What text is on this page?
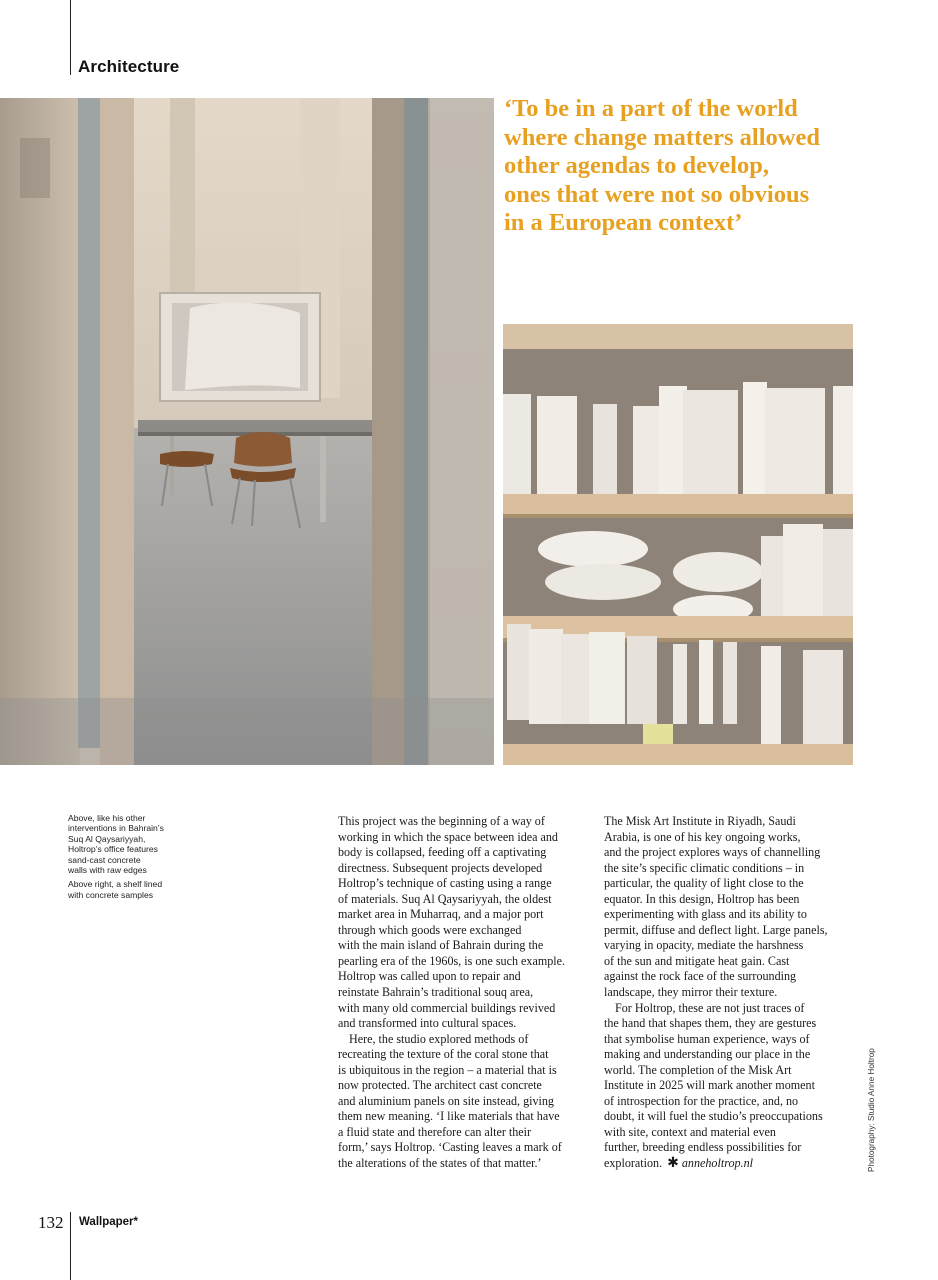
Architecture
‘To be in a part of the world
where change matters allowed
other agendas to develop,
ones that were not so obvious
in a European context’

Above, like his other
interventions in Bahrain’s
Suq Al Qaysariyyah,
Holtrop’s office features
sand-cast concrete
walls with raw edges

Above right, a shelf lined
with concrete samples

This project was the beginning of a way of
working in which the space between idea and
body is collapsed, feeding off a captivating
directness. Subsequent projects developed
Holtrop’s technique of casting using a range
of materials. Suq Al Qaysariyyah, the oldest
market area in Muharraq, and a major port
through which goods were exchanged
with the main island of Bahrain during the
pearling era of the 1960s, is one such example.
Holtrop was called upon to repair and
reinstate Bahrain’s traditional souq area,
with many old commercial buildings revived
and transformed into cultural spaces.
Here, the studio explored methods of
recreating the texture of the coral stone that
is ubiquitous in the region – a material that is
now protected. The architect cast concrete
and aluminium panels on site instead, giving
them new meaning. ‘I like materials that have
a fluid state and therefore can alter their
form,’ says Holtrop. ‘Casting leaves a mark of
the alterations of the states of that matter.’
The Misk Art Institute in Riyadh, Saudi
Arabia, is one of his key ongoing works,
and the project explores ways of channelling
the site’s specific climatic conditions – in
particular, the quality of light close to the
equator. In this design, Holtrop has been
experimenting with glass and its ability to
permit, diffuse and deflect light. Large panels,
varying in opacity, mediate the harshness
of the sun and mitigate heat gain. Cast
against the rock face of the surrounding
landscape, they mirror their texture.
For Holtrop, these are not just traces of
the hand that shapes them, they are gestures
that symbolise human experience, ways of
making and understanding our place in the
world. The completion of the Misk Art
Institute in 2025 will mark another moment
of introspection for the practice, and, no
doubt, it will fuel the studio’s preoccupations
with site, context and material even
further, breeding endless possibilities for
exploration. ✱ anneholtrop.nl	Photography: Studio Anne Holtrop
132 Wallpaper*
